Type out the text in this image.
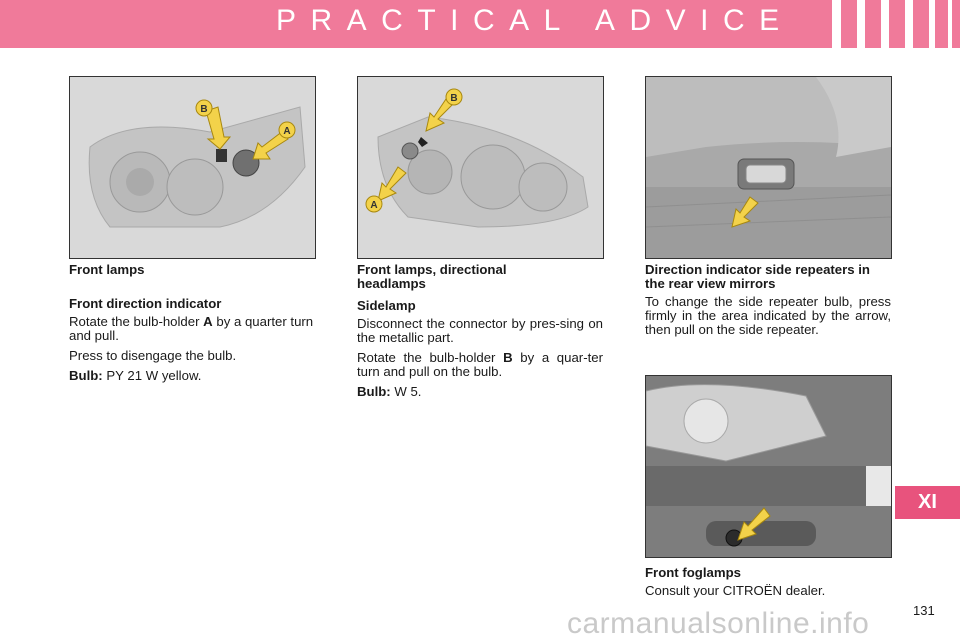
PRACTICAL ADVICE
B
A
B
A

Front lamps

Front direction indicator

Rotate the bulb-holder A by a quarter turn and pull.

Press to disengage the bulb.

Bulb: PY 21 W yellow.

Front lamps, directional headlamps

Sidelamp

Disconnect the connector by pres-sing on the metallic part.

Rotate the bulb-holder B by a quar-ter turn and pull on the bulb.

Bulb: W 5.

Direction indicator side repeaters in the rear view mirrors

To change the side repeater bulb, press firmly in the area indicated by the arrow, then pull on the side repeater.

Front foglamps

Consult your CITROËN dealer.

XI
131
carmanualsonline.info
